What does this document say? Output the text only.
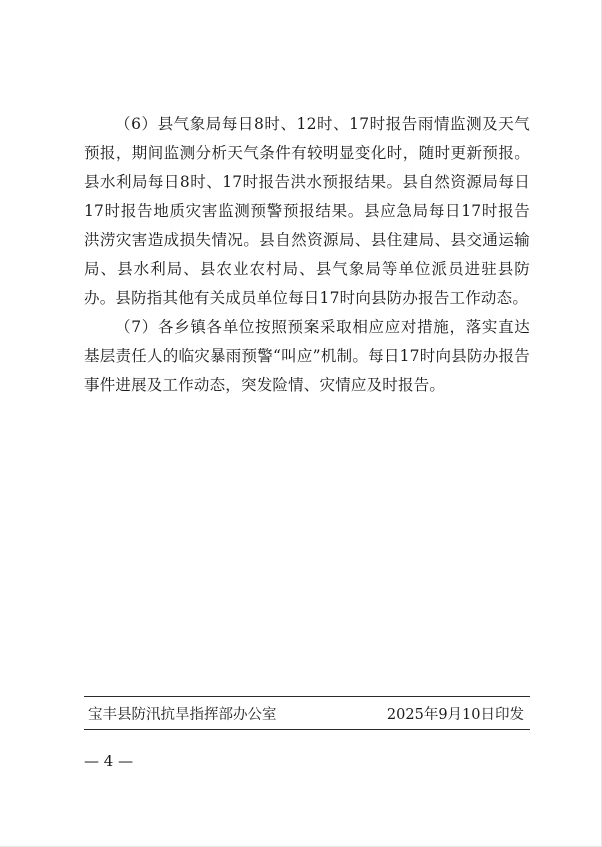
（6）县气象局每日8时、12时、17时报告雨情监测及天气预报，期间监测分析天气条件有较明显变化时，随时更新预报。县水利局每日8时、17时报告洪水预报结果。县自然资源局每日17时报告地质灾害监测预警预报结果。县应急局每日17时报告洪涝灾害造成损失情况。县自然资源局、县住建局、县交通运输局、县水利局、县农业农村局、县气象局等单位派员进驻县防办。县防指其他有关成员单位每日17时向县防办报告工作动态。

（7）各乡镇各单位按照预案采取相应应对措施，落实直达基层责任人的临灾暴雨预警“叫应”机制。每日17时向县防办报告事件进展及工作动态，突发险情、灾情应及时报告。

宝丰县防汛抗旱指挥部办公室	2025年9月10日印发
— 4 —
